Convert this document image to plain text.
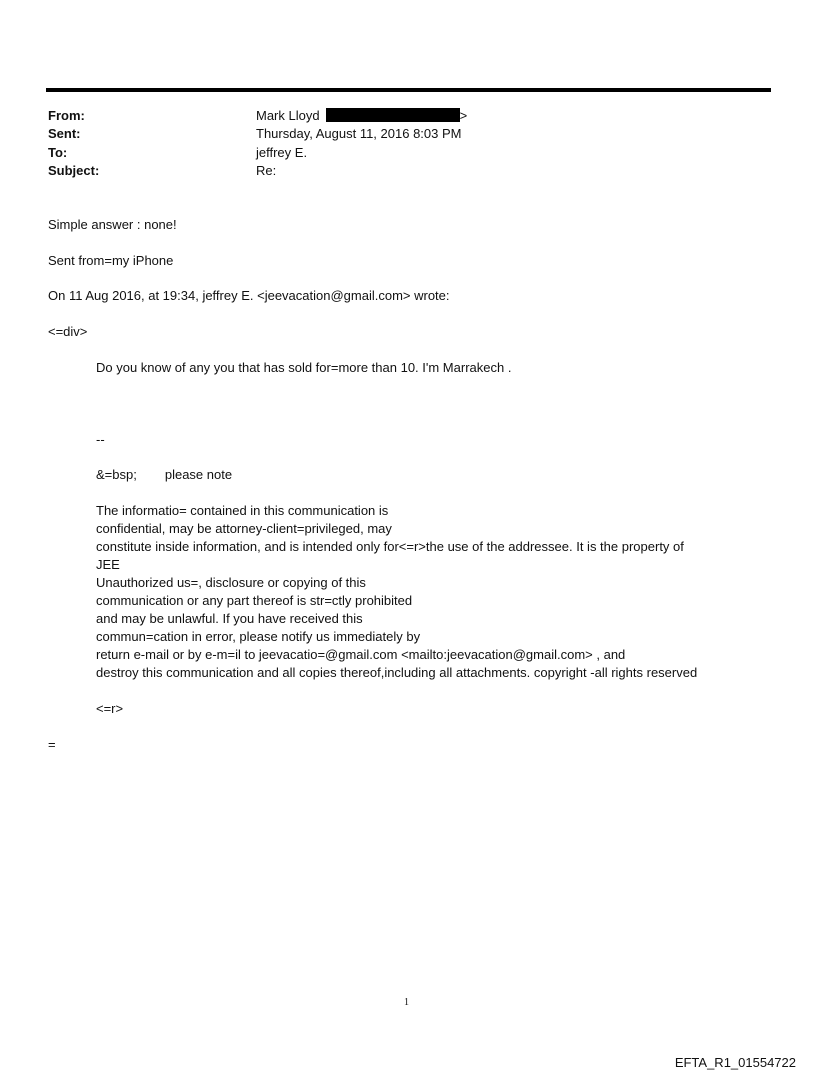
From:	Mark Lloyd	>
Sent:	Thursday, August 11, 2016 8:03 PM
To:	jeffrey E.
Subject:	Re:
Simple answer : none!
Sent from=my iPhone
On 11 Aug 2016, at 19:34, jeffrey E. <jeevacation@gmail.com> wrote:
<=div>
Do you know of any you that has sold for=more than 10. I'm Marrakech .
--
&=bsp; please note
The informatio= contained in this communication is
confidential, may be attorney-client=privileged, may
constitute inside information, and is intended only for<=r>the use of the addressee. It is the property of
JEE
Unauthorized us=, disclosure or copying of this
communication or any part thereof is str=ctly prohibited
and may be unlawful. If you have received this
commun=cation in error, please notify us immediately by
return e-mail or by e-m=il to jeevacatio=@gmail.com <mailto:jeevacation@gmail.com> , and
destroy this communication and all copies thereof,including all attachments. copyright -all rights reserved
<=r>
=
1
EFTA_R1_01554722
